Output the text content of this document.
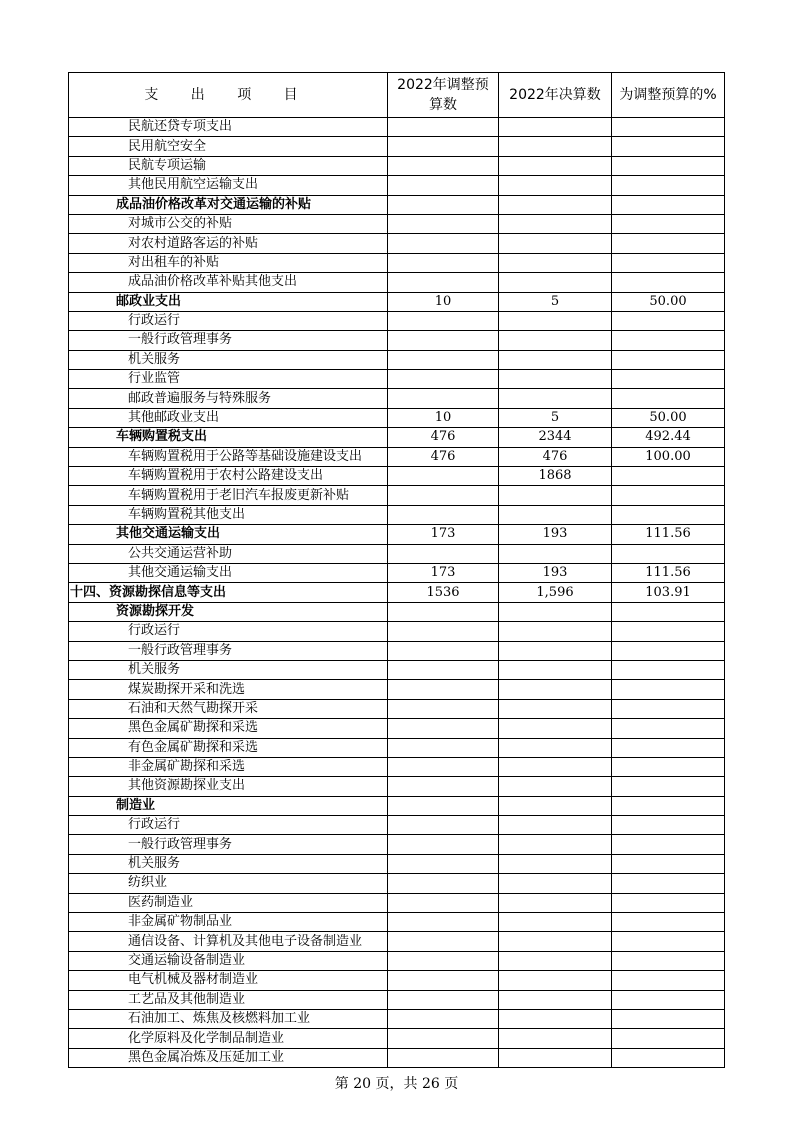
支 出 项 目	2022年调整预算数	2022年决算数	为调整预算的%
民航还贷专项支出			
民用航空安全			
民航专项运输			
其他民用航空运输支出			
成品油价格改革对交通运输的补贴			
对城市公交的补贴			
对农村道路客运的补贴			
对出租车的补贴			
成品油价格改革补贴其他支出			
邮政业支出	10	5	50.00
行政运行			
一般行政管理事务			
机关服务			
行业监管			
邮政普遍服务与特殊服务			
其他邮政业支出	10	5	50.00
车辆购置税支出	476	2344	492.44
车辆购置税用于公路等基础设施建设支出	476	476	100.00
车辆购置税用于农村公路建设支出		1868	
车辆购置税用于老旧汽车报废更新补贴			
车辆购置税其他支出			
其他交通运输支出	173	193	111.56
公共交通运营补助			
其他交通运输支出	173	193	111.56
十四、资源勘探信息等支出	1536	1,596	103.91
资源勘探开发			
行政运行			
一般行政管理事务			
机关服务			
煤炭勘探开采和洗选			
石油和天然气勘探开采			
黑色金属矿勘探和采选			
有色金属矿勘探和采选			
非金属矿勘探和采选			
其他资源勘探业支出			
制造业			
行政运行			
一般行政管理事务			
机关服务			
纺织业			
医药制造业			
非金属矿物制品业			
通信设备、计算机及其他电子设备制造业			
交通运输设备制造业			
电气机械及器材制造业			
工艺品及其他制造业			
石油加工、炼焦及核燃料加工业			
化学原料及化学制品制造业			
黑色金属冶炼及压延加工业			
第 20 页，共 26 页
